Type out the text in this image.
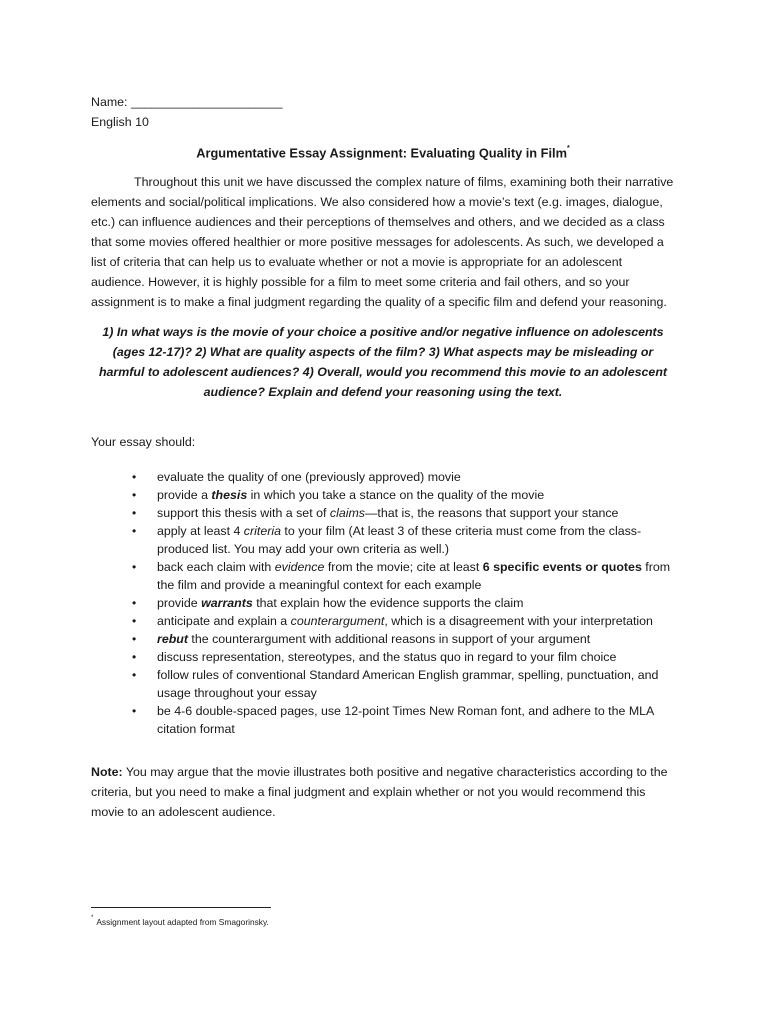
Name: ______________________
English 10
Argumentative Essay Assignment: Evaluating Quality in Film*
Throughout this unit we have discussed the complex nature of films, examining both their narrative elements and social/political implications. We also considered how a movie’s text (e.g. images, dialogue, etc.) can influence audiences and their perceptions of themselves and others, and we decided as a class that some movies offered healthier or more positive messages for adolescents. As such, we developed a list of criteria that can help us to evaluate whether or not a movie is appropriate for an adolescent audience. However, it is highly possible for a film to meet some criteria and fail others, and so your assignment is to make a final judgment regarding the quality of a specific film and defend your reasoning.
1) In what ways is the movie of your choice a positive and/or negative influence on adolescents (ages 12-17)? 2) What are quality aspects of the film? 3) What aspects may be misleading or harmful to adolescent audiences? 4) Overall, would you recommend this movie to an adolescent audience? Explain and defend your reasoning using the text.
Your essay should:
• evaluate the quality of one (previously approved) movie
• provide a thesis in which you take a stance on the quality of the movie
• support this thesis with a set of claims—that is, the reasons that support your stance
• apply at least 4 criteria to your film (At least 3 of these criteria must come from the class-produced list. You may add your own criteria as well.)
• back each claim with evidence from the movie; cite at least 6 specific events or quotes from the film and provide a meaningful context for each example
• provide warrants that explain how the evidence supports the claim
• anticipate and explain a counterargument, which is a disagreement with your interpretation
• rebut the counterargument with additional reasons in support of your argument
• discuss representation, stereotypes, and the status quo in regard to your film choice
• follow rules of conventional Standard American English grammar, spelling, punctuation, and usage throughout your essay
• be 4-6 double-spaced pages, use 12-point Times New Roman font, and adhere to the MLA citation format
Note: You may argue that the movie illustrates both positive and negative characteristics according to the criteria, but you need to make a final judgment and explain whether or not you would recommend this movie to an adolescent audience.
* Assignment layout adapted from Smagorinsky.
